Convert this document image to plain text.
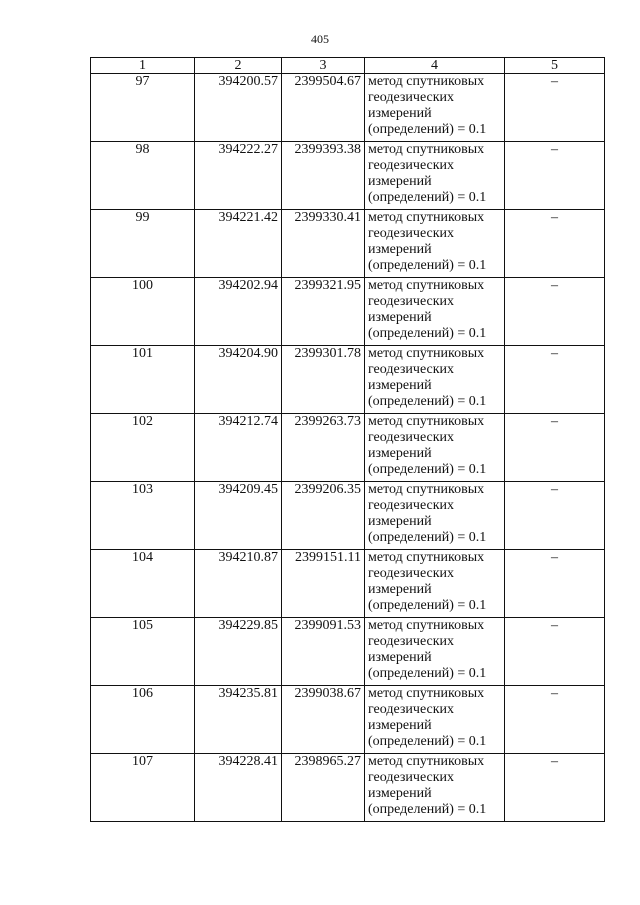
405
1	2	3	4	5
97	394200.57	2399504.67	метод спутниковых
геодезических
измерений
(определений) = 0.1	–
98	394222.27	2399393.38	метод спутниковых
геодезических
измерений
(определений) = 0.1	–
99	394221.42	2399330.41	метод спутниковых
геодезических
измерений
(определений) = 0.1	–
100	394202.94	2399321.95	метод спутниковых
геодезических
измерений
(определений) = 0.1	–
101	394204.90	2399301.78	метод спутниковых
геодезических
измерений
(определений) = 0.1	–
102	394212.74	2399263.73	метод спутниковых
геодезических
измерений
(определений) = 0.1	–
103	394209.45	2399206.35	метод спутниковых
геодезических
измерений
(определений) = 0.1	–
104	394210.87	2399151.11	метод спутниковых
геодезических
измерений
(определений) = 0.1	–
105	394229.85	2399091.53	метод спутниковых
геодезических
измерений
(определений) = 0.1	–
106	394235.81	2399038.67	метод спутниковых
геодезических
измерений
(определений) = 0.1	–
107	394228.41	2398965.27	метод спутниковых
геодезических
измерений
(определений) = 0.1	–
